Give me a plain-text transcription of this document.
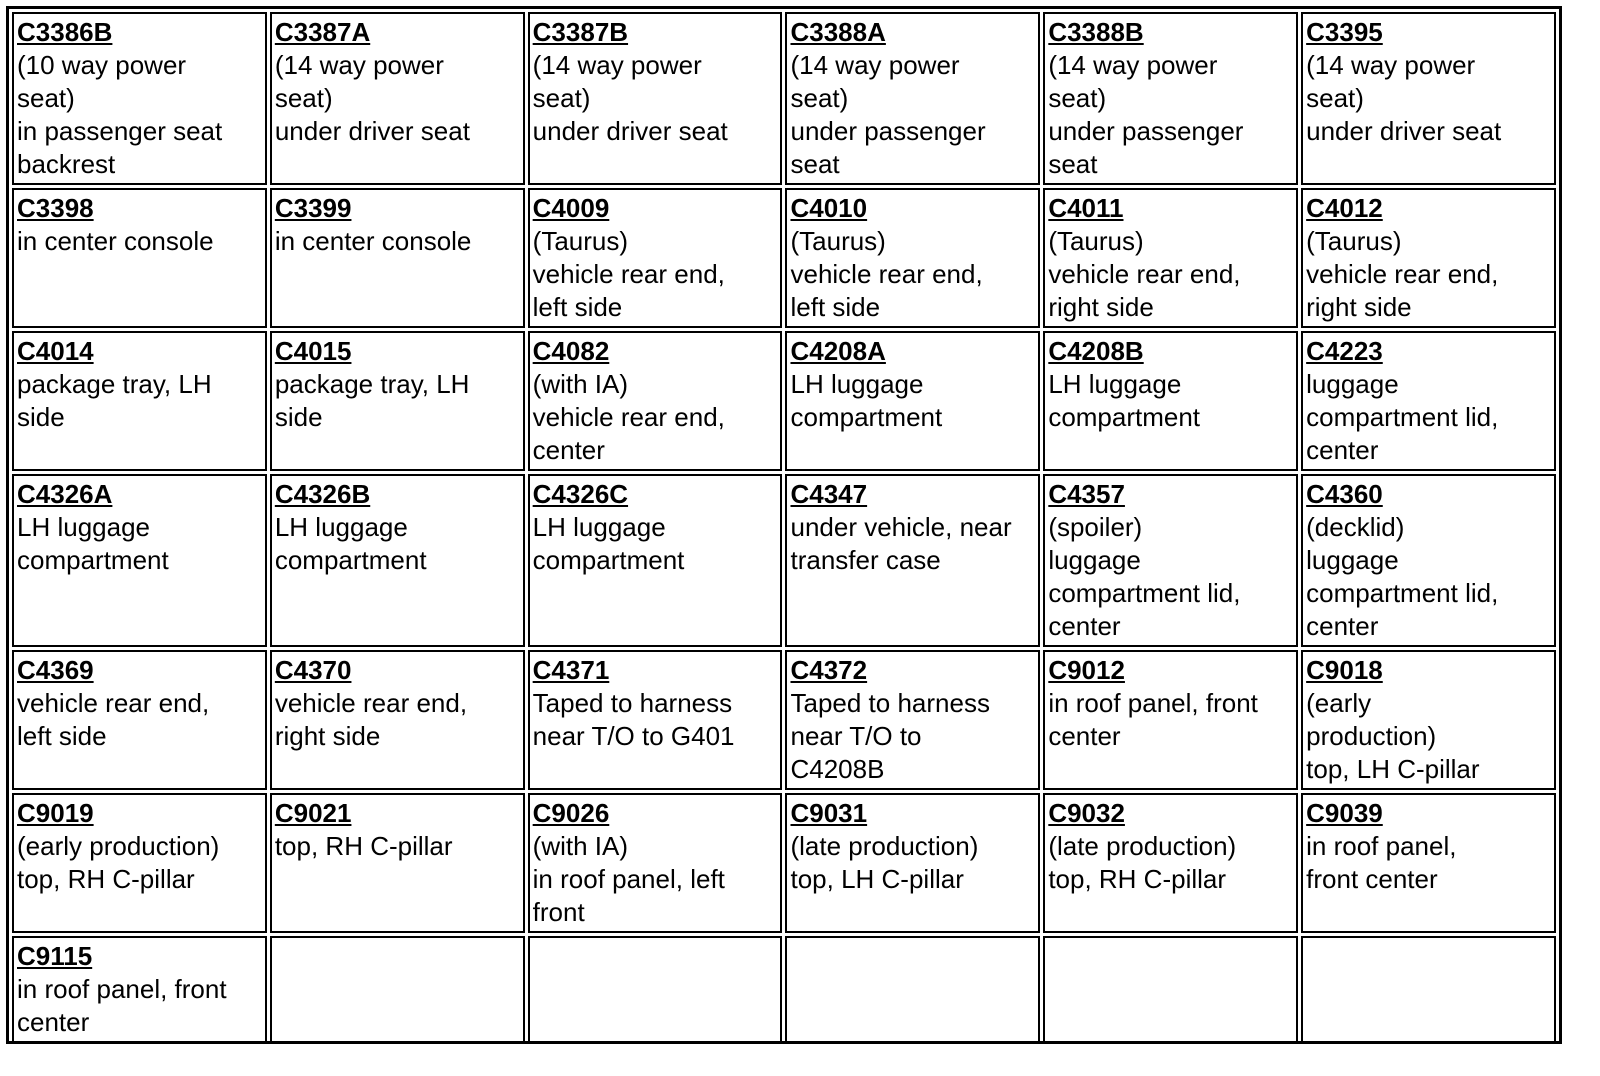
C3386B
(10 way power
seat)
in passenger seat
backrest	C3387A
(14 way power
seat)
under driver seat	C3387B
(14 way power
seat)
under driver seat	C3388A
(14 way power
seat)
under passenger
seat	C3388B
(14 way power
seat)
under passenger
seat	C3395
(14 way power
seat)
under driver seat

C3398
in center console	C3399
in center console	C4009
(Taurus)
vehicle rear end,
left side	C4010
(Taurus)
vehicle rear end,
left side	C4011
(Taurus)
vehicle rear end,
right side	C4012
(Taurus)
vehicle rear end,
right side

C4014
package tray, LH
side	C4015
package tray, LH
side	C4082
(with IA)
vehicle rear end,
center	C4208A
LH luggage
compartment	C4208B
LH luggage
compartment	C4223
luggage
compartment lid,
center

C4326A
LH luggage
compartment	C4326B
LH luggage
compartment	C4326C
LH luggage
compartment	C4347
under vehicle, near
transfer case	C4357
(spoiler)
luggage
compartment lid,
center	C4360
(decklid)
luggage
compartment lid,
center

C4369
vehicle rear end,
left side	C4370
vehicle rear end,
right side	C4371
Taped to harness
near T/O to G401	C4372
Taped to harness
near T/O to
C4208B	C9012
in roof panel, front
center	C9018
(early
production)
top, LH C-pillar

C9019
(early production)
top, RH C-pillar	C9021
top, RH C-pillar	C9026
(with IA)
in roof panel, left
front	C9031
(late production)
top, LH C-pillar	C9032
(late production)
top, RH C-pillar	C9039
in roof panel,
front center

C9115
in roof panel, front
center					
